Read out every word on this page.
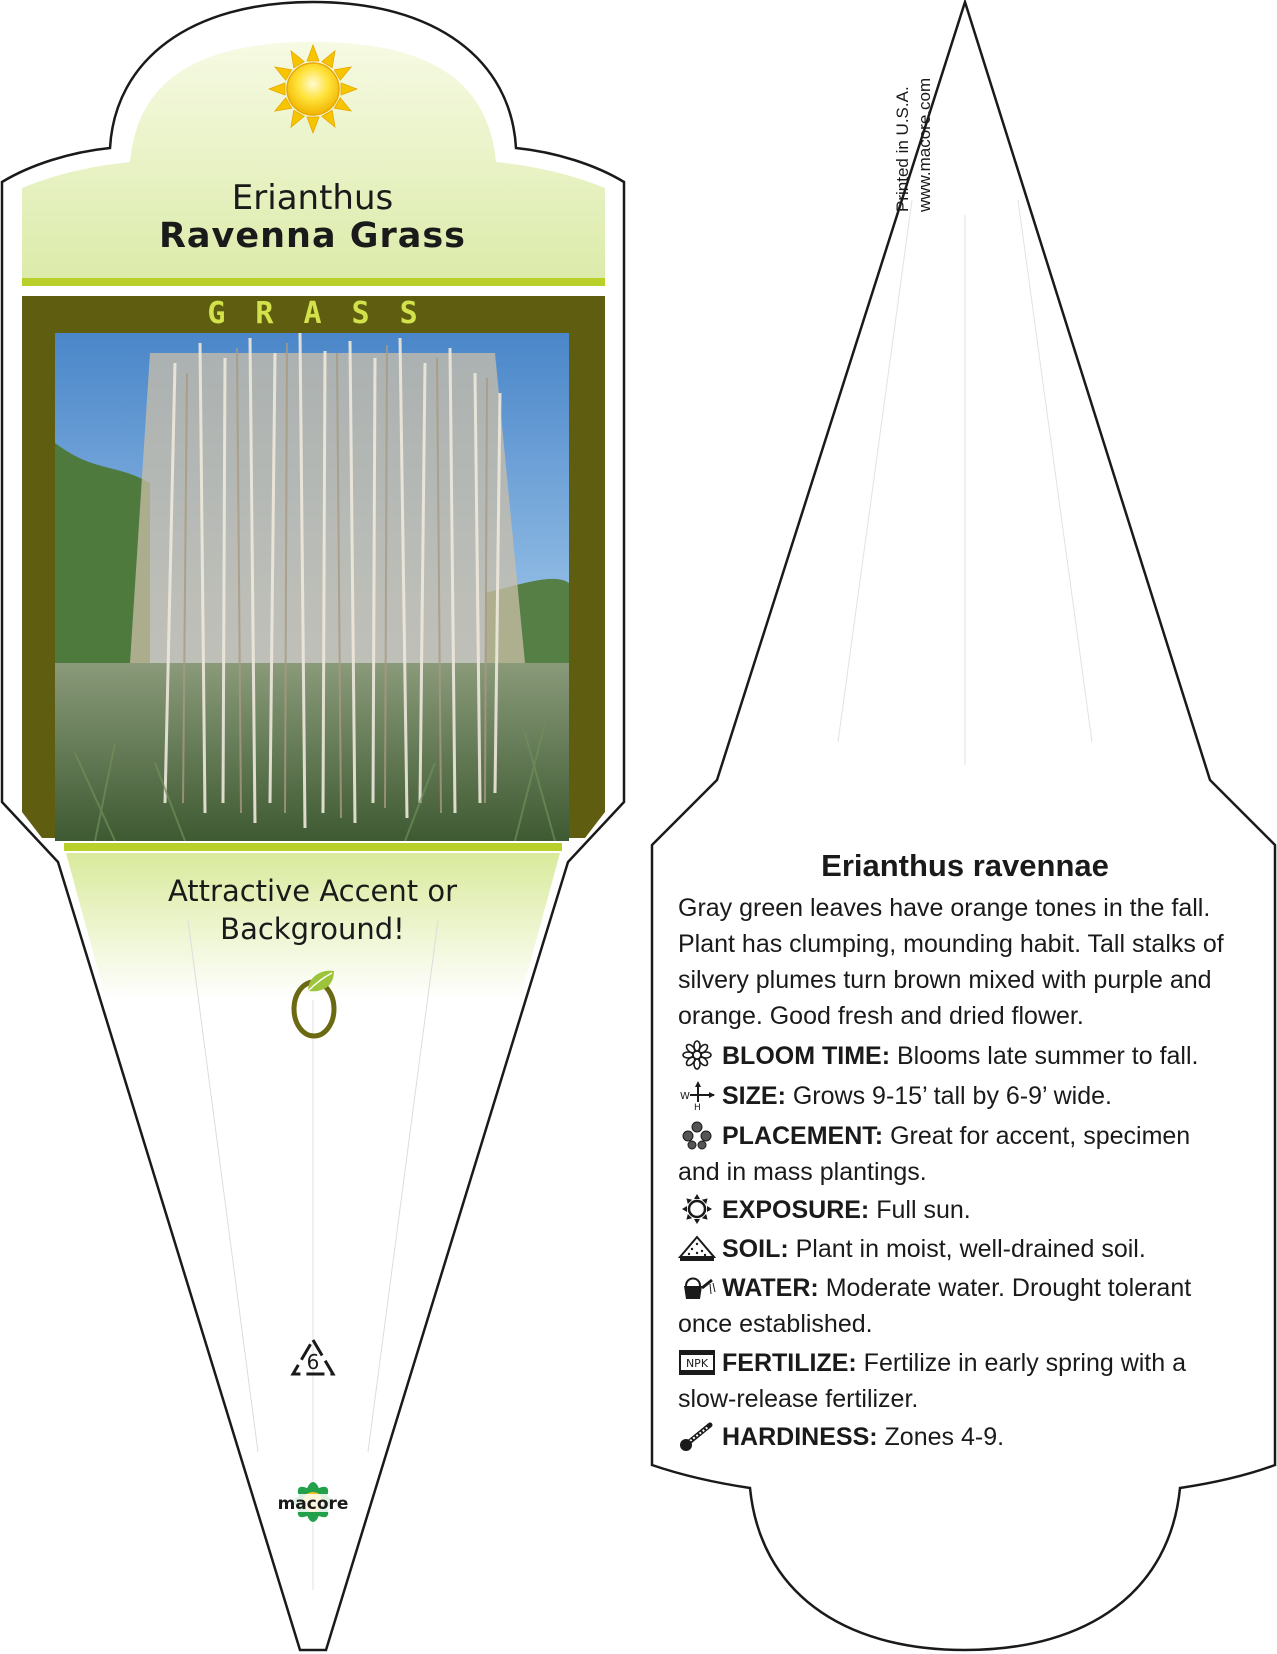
Erianthus
Ravenna Grass
GRASS
Attractive Accent or Background!
6
macore
Printed in U.S.A. www.macore.com
Erianthus ravennae

Gray green leaves have orange tones in the fall. Plant has clumping, mounding habit. Tall stalks of silvery plumes turn brown mixed with purple and orange. Good fresh and dried flower.

BLOOM TIME: Blooms late summer to fall.
W
H SIZE: Grows 9-15’ tall by 6-9’ wide.
PLACEMENT: Great for accent, specimen and in mass plantings.
EXPOSURE: Full sun.
SOIL: Plant in moist, well-drained soil.
WATER: Moderate water. Drought tolerant once established.
NPK FERTILIZE: Fertilize in early spring with a slow-release fertilizer.
HARDINESS: Zones 4-9.
